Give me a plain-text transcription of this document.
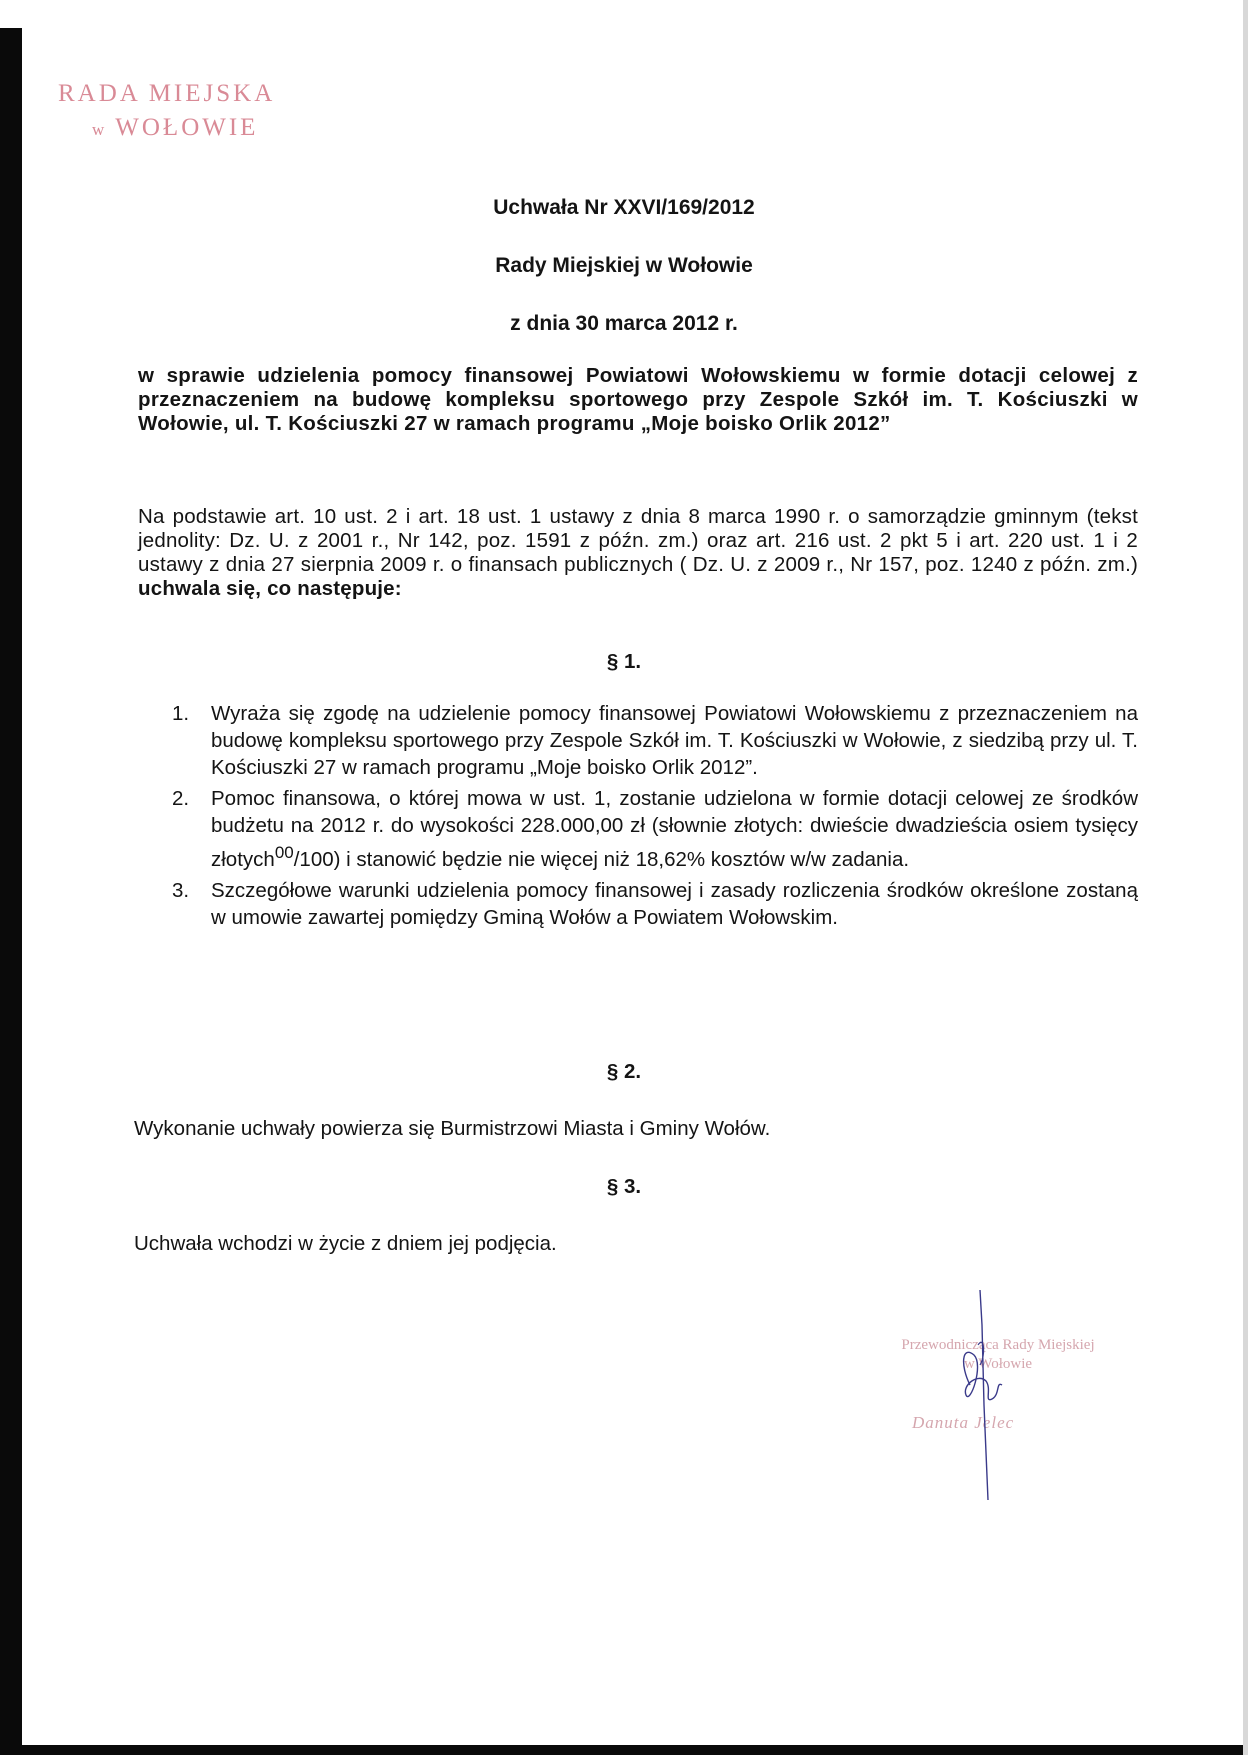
RADA MIEJSKA
w WOŁOWIE
Uchwała Nr XXVI/169/2012
Rady Miejskiej w Wołowie
z dnia 30 marca 2012 r.
w sprawie udzielenia pomocy finansowej Powiatowi Wołowskiemu w formie dotacji celowej z przeznaczeniem na budowę kompleksu sportowego przy Zespole Szkół im. T. Kościuszki w Wołowie, ul. T. Kościuszki 27 w ramach programu „Moje boisko Orlik 2012”
Na podstawie art. 10 ust. 2 i art. 18 ust. 1 ustawy z dnia 8 marca 1990 r. o samorządzie gminnym (tekst jednolity: Dz. U. z 2001 r., Nr 142, poz. 1591 z późn. zm.) oraz art. 216 ust. 2 pkt 5 i art. 220 ust. 1 i 2 ustawy z dnia 27 sierpnia 2009 r. o finansach publicznych ( Dz. U. z 2009 r., Nr 157, poz. 1240 z późn. zm.) uchwala się, co następuje:
§ 1.
1. Wyraża się zgodę na udzielenie pomocy finansowej Powiatowi Wołowskiemu z przeznaczeniem na budowę kompleksu sportowego przy Zespole Szkół im. T. Kościuszki w Wołowie, z siedzibą przy ul. T. Kościuszki 27 w ramach programu „Moje boisko Orlik 2012”.
2. Pomoc finansowa, o której mowa w ust. 1, zostanie udzielona w formie dotacji celowej ze środków budżetu na 2012 r. do wysokości 228.000,00 zł (słownie złotych: dwieście dwadzieścia osiem tysięcy złotych$^{00}$/100) i stanowić będzie nie więcej niż 18,62% kosztów w/w zadania.
3. Szczegółowe warunki udzielenia pomocy finansowej i zasady rozliczenia środków określone zostaną w umowie zawartej pomiędzy Gminą Wołów a Powiatem Wołowskim.
§ 2.
Wykonanie uchwały powierza się Burmistrzowi Miasta i Gminy Wołów.
§ 3.
Uchwała wchodzi w życie z dniem jej podjęcia.
Przewodnicząca Rady Miejskiej
w Wołowie
Danuta Jelec
